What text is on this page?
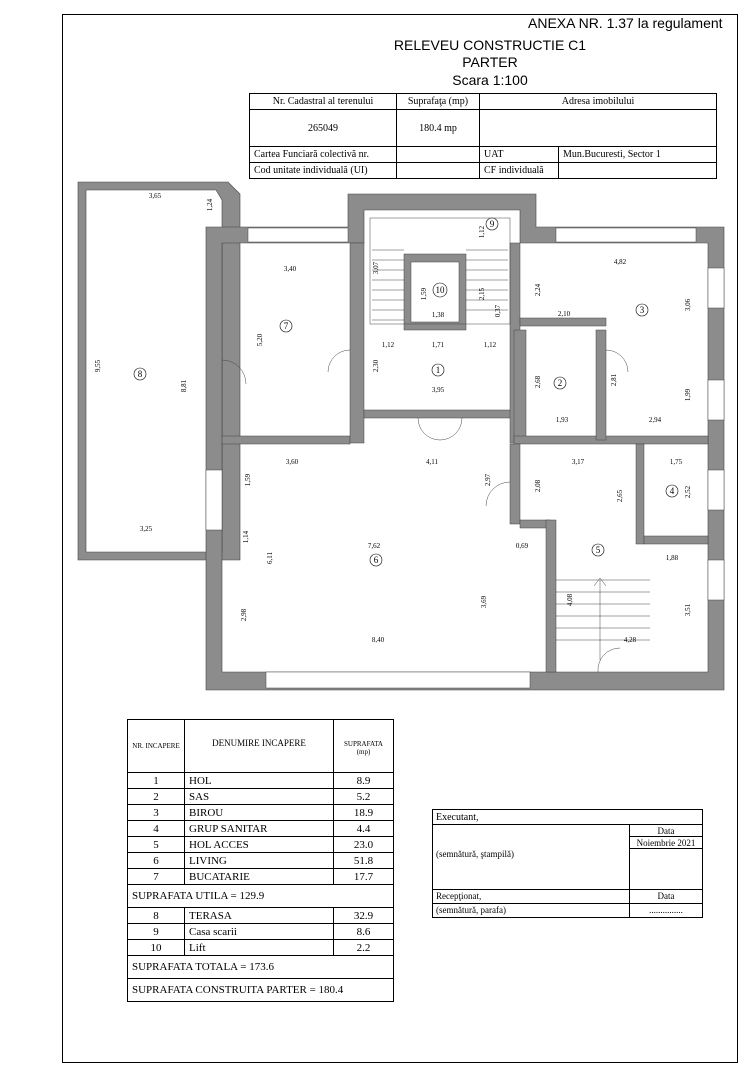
ANEXA NR. 1.37 la regulament
RELEVEU CONSTRUCTIE C1
PARTER
Scara 1:100
Nr. Cadastral al terenului	Suprafaţa (mp)	Adresa imobilului	
265049	180.4 mp		
Cartea Funciară colectivă nr.		UAT	Mun.Bucuresti, Sector 1
Cod unitate individuală (UI)		CF individuală	
3,65
1,24
3,40	3,07
1,12
4,82
1,59	2,15	2,24
3,06
0,37
1,38	2,10
5,20
9,55
8,81
1,12	1,71	1,12
2,30
3,95
2,68	2,81
1,99
1,93	2,94
3,60	4,11	3,17	1,75
1,59	2,97	2,08
2,65	2,52
3,25
1,14
7,62	0,69
1,88
6,11
2,98
3,69	4,08
3,51
8,40	4,28
1
2
3
4
5
6
7
8
9
10
NR. INCAPERE	DENUMIRE INCAPERE	SUPRAFATA (mp)
1	HOL	8.9
2	SAS	5.2
3	BIROU	18.9
4	GRUP SANITAR	4.4
5	HOL ACCES	23.0
6	LIVING	51.8
7	BUCATARIE	17.7
SUPRAFATA UTILA = 129.9		
8	TERASA	32.9
9	Casa scarii	8.6
10	Lift	2.2
SUPRAFATA TOTALA = 173.6		
SUPRAFATA CONSTRUITA PARTER = 180.4		
Executant,	
	Data
	Noiembrie 2021
(semnătură, ştampilă)	
Recepţionat,	Data
(semnătură, parafa)	...............
